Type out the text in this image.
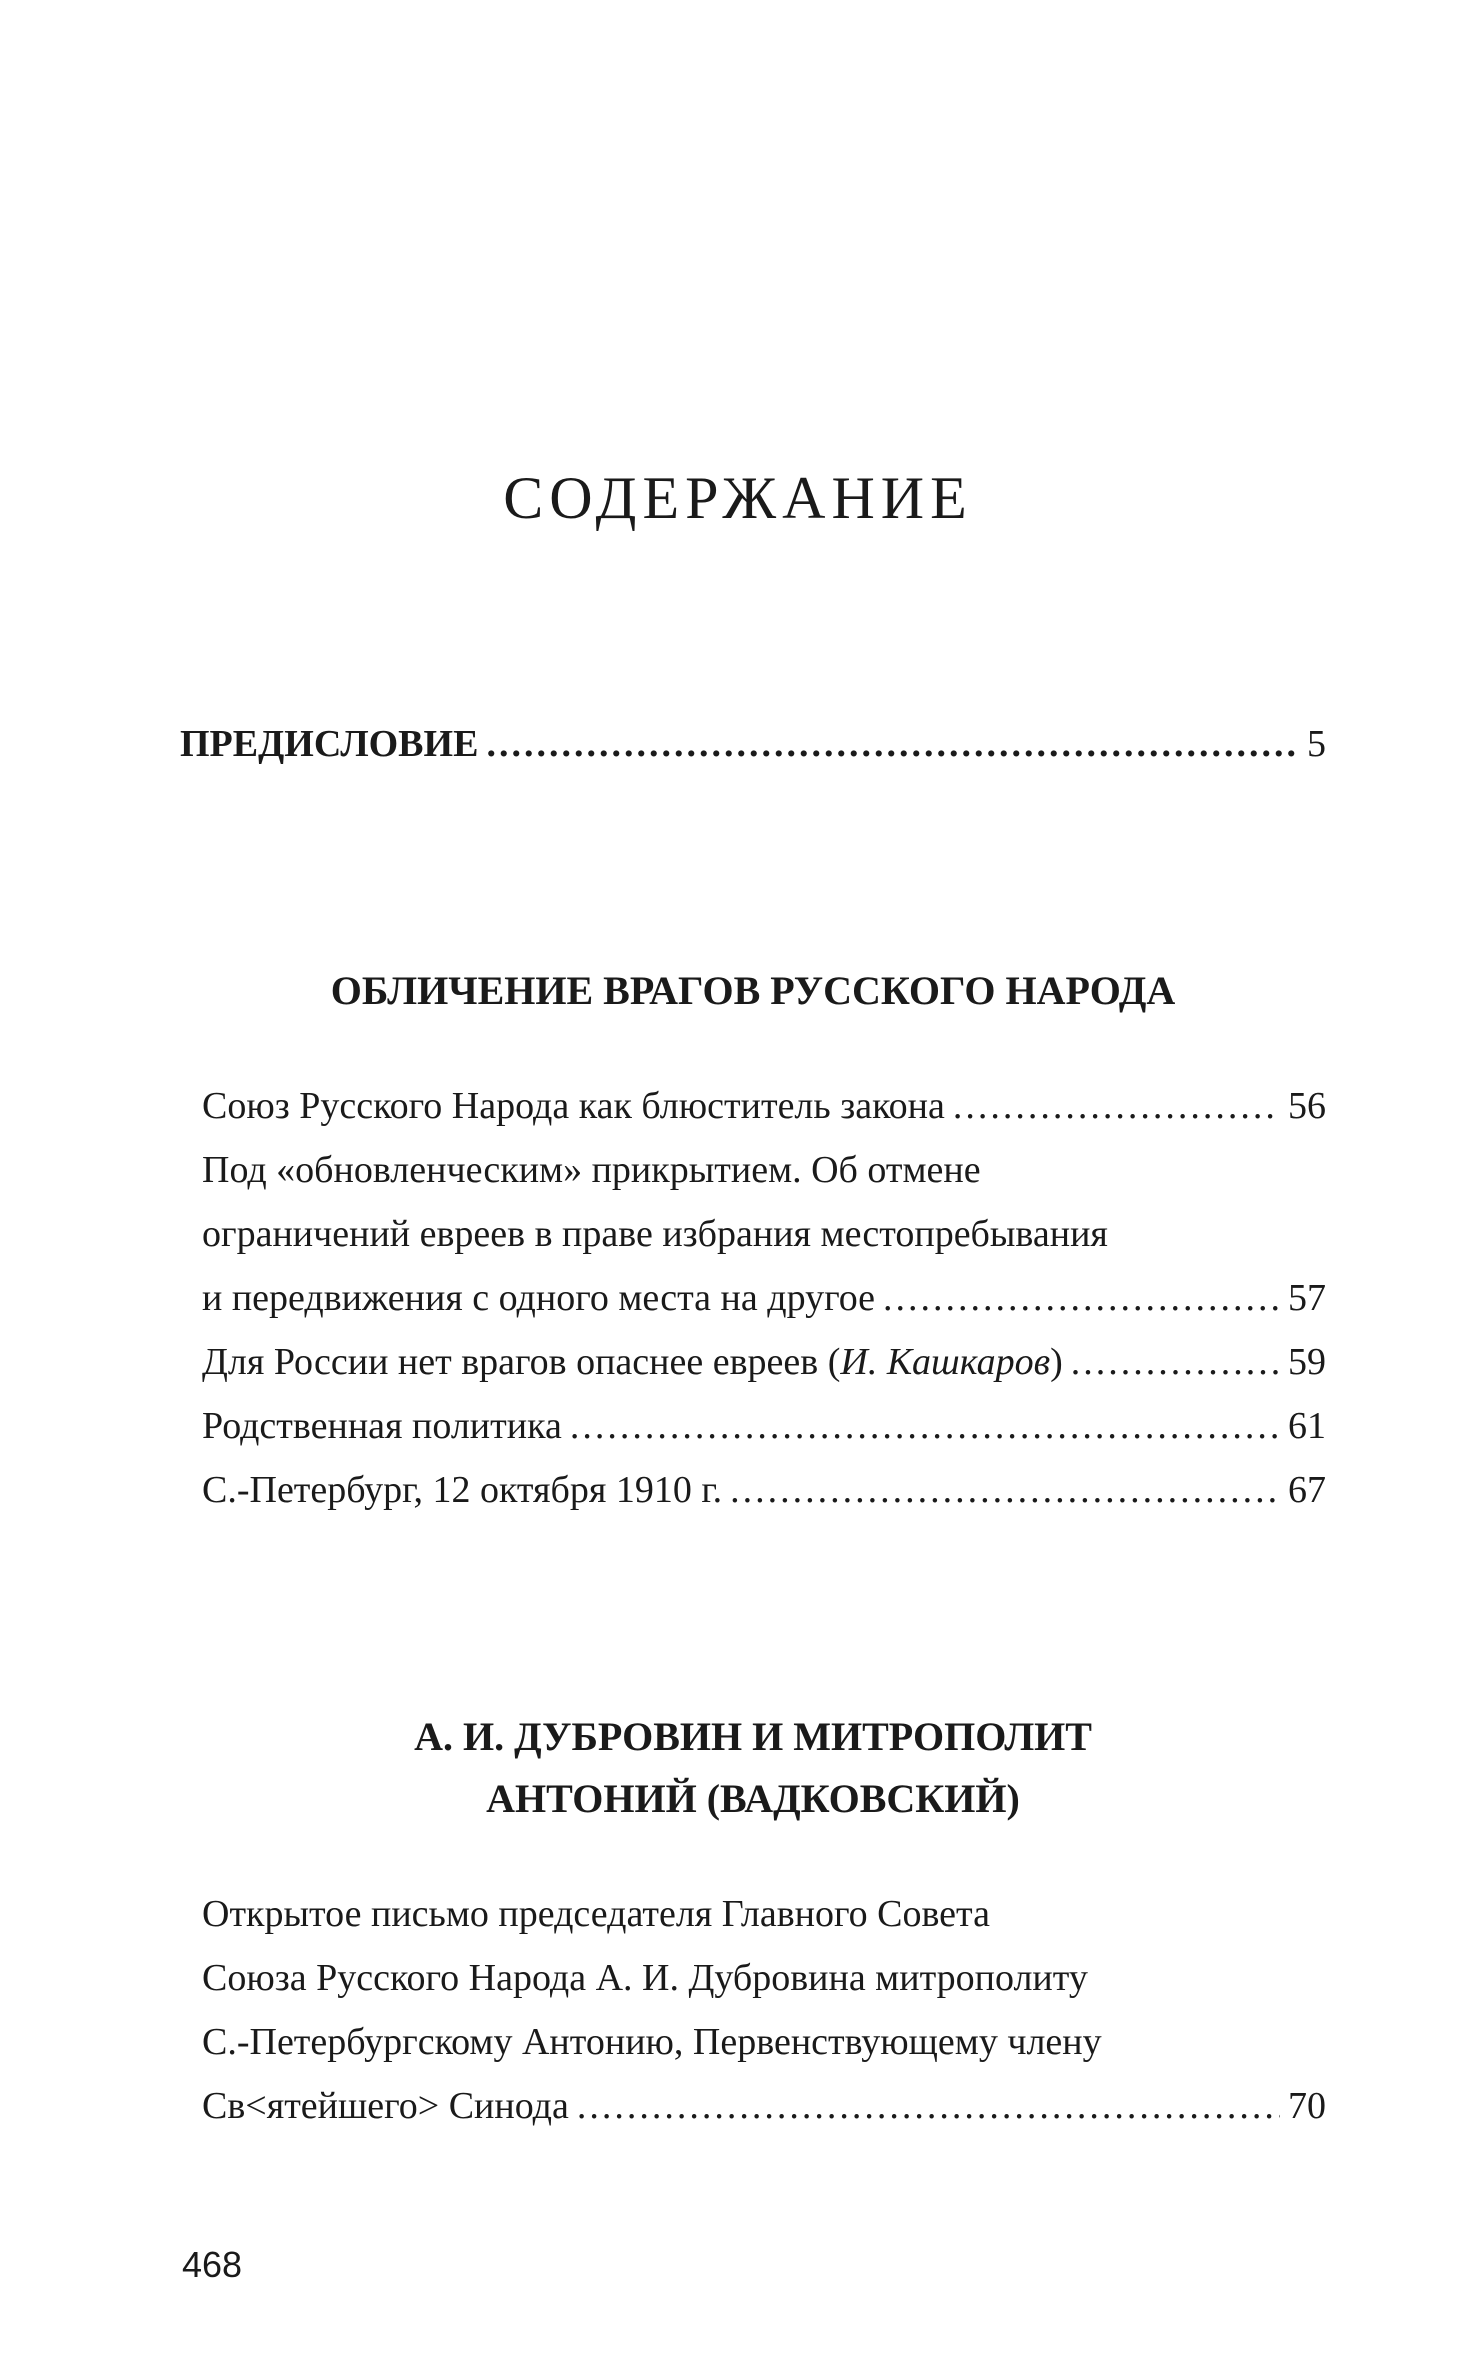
СОДЕРЖАНИЕ
ПРЕДИСЛОВИЕ .....	5
ОБЛИЧЕНИЕ ВРАГОВ РУССКОГО НАРОДА
Союз Русского Народа как блюститель закона .....	56
Под «обновленческим» прикрытием. Об отмене
ограничений евреев в праве избрания местопребывания
и передвижения с одного места на другое .....	57
Для России нет врагов опаснее евреев (И. Кашкаров) .....	59
Родственная политика .....	61
С.-Петербург, 12 октября 1910 г. .....	67
А. И. ДУБРОВИН И МИТРОПОЛИТ
АНТОНИЙ (ВАДКОВСКИЙ)
Открытое письмо председателя Главного Совета
Союза Русского Народа А. И. Дубровина митрополиту
С.-Петербургскому Антонию, Первенствующему члену
Св<ятейшего> Синода .....	70
468
